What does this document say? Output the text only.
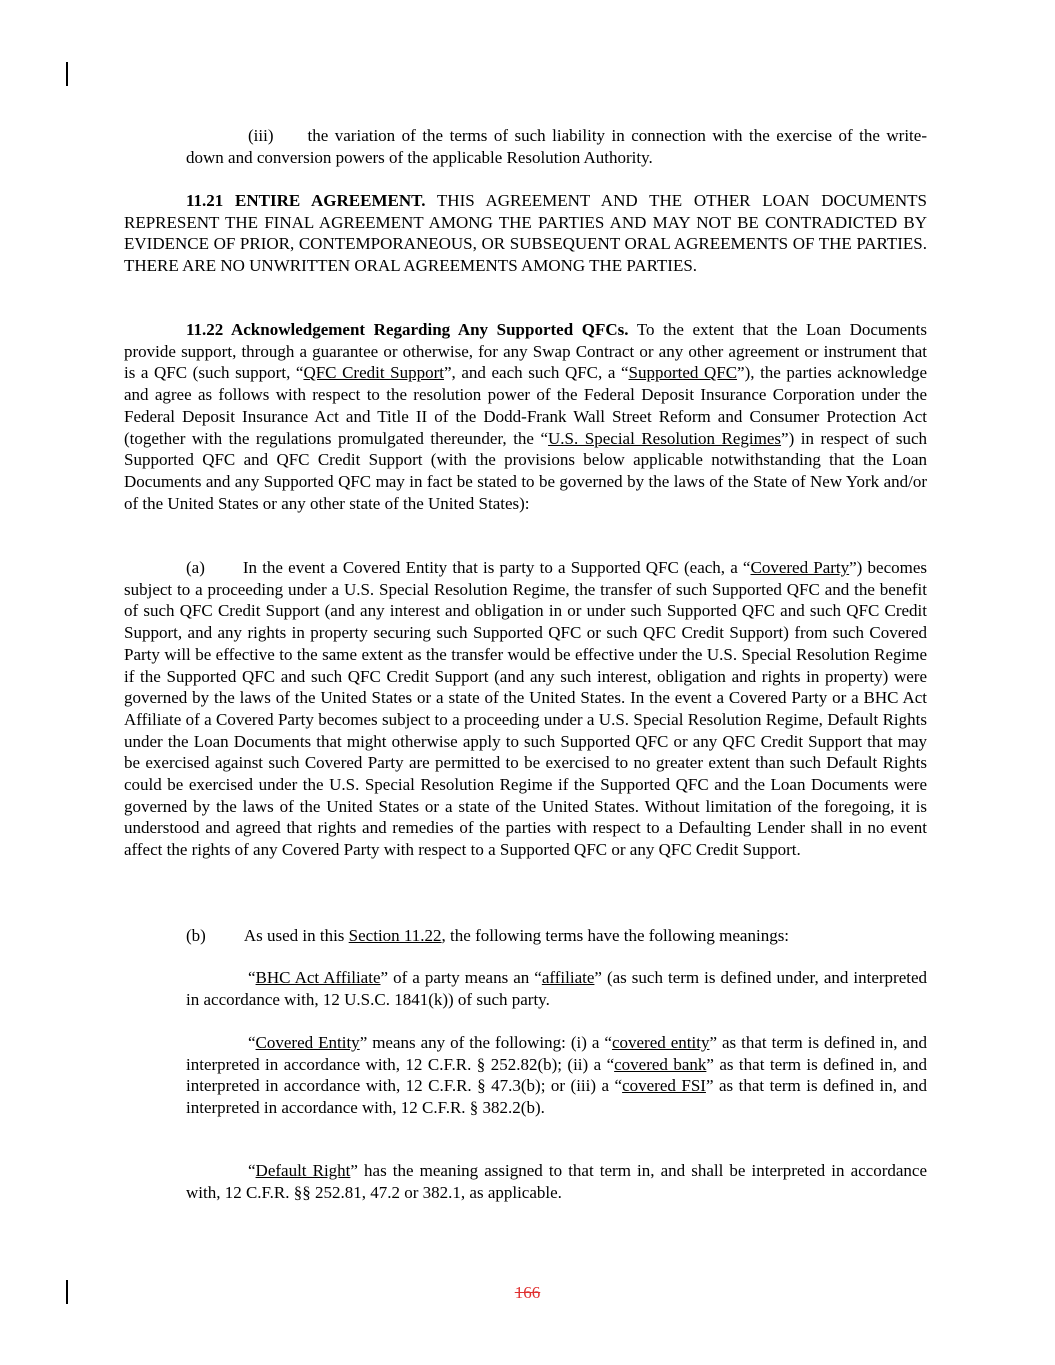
(iii) the variation of the terms of such liability in connection with the exercise of the write-down and conversion powers of the applicable Resolution Authority.
11.21 ENTIRE AGREEMENT. THIS AGREEMENT AND THE OTHER LOAN DOCUMENTS REPRESENT THE FINAL AGREEMENT AMONG THE PARTIES AND MAY NOT BE CONTRADICTED BY EVIDENCE OF PRIOR, CONTEMPORANEOUS, OR SUBSEQUENT ORAL AGREEMENTS OF THE PARTIES. THERE ARE NO UNWRITTEN ORAL AGREEMENTS AMONG THE PARTIES.
11.22 Acknowledgement Regarding Any Supported QFCs. To the extent that the Loan Documents provide support, through a guarantee or otherwise, for any Swap Contract or any other agreement or instrument that is a QFC (such support, “QFC Credit Support”, and each such QFC, a “Supported QFC”), the parties acknowledge and agree as follows with respect to the resolution power of the Federal Deposit Insurance Corporation under the Federal Deposit Insurance Act and Title II of the Dodd-Frank Wall Street Reform and Consumer Protection Act (together with the regulations promulgated thereunder, the “U.S. Special Resolution Regimes”) in respect of such Supported QFC and QFC Credit Support (with the provisions below applicable notwithstanding that the Loan Documents and any Supported QFC may in fact be stated to be governed by the laws of the State of New York and/or of the United States or any other state of the United States):
(a) In the event a Covered Entity that is party to a Supported QFC (each, a “Covered Party”) becomes subject to a proceeding under a U.S. Special Resolution Regime, the transfer of such Supported QFC and the benefit of such QFC Credit Support (and any interest and obligation in or under such Supported QFC and such QFC Credit Support, and any rights in property securing such Supported QFC or such QFC Credit Support) from such Covered Party will be effective to the same extent as the transfer would be effective under the U.S. Special Resolution Regime if the Supported QFC and such QFC Credit Support (and any such interest, obligation and rights in property) were governed by the laws of the United States or a state of the United States. In the event a Covered Party or a BHC Act Affiliate of a Covered Party becomes subject to a proceeding under a U.S. Special Resolution Regime, Default Rights under the Loan Documents that might otherwise apply to such Supported QFC or any QFC Credit Support that may be exercised against such Covered Party are permitted to be exercised to no greater extent than such Default Rights could be exercised under the U.S. Special Resolution Regime if the Supported QFC and the Loan Documents were governed by the laws of the United States or a state of the United States. Without limitation of the foregoing, it is understood and agreed that rights and remedies of the parties with respect to a Defaulting Lender shall in no event affect the rights of any Covered Party with respect to a Supported QFC or any QFC Credit Support.
(b) As used in this Section 11.22, the following terms have the following meanings:
“BHC Act Affiliate” of a party means an “affiliate” (as such term is defined under, and interpreted in accordance with, 12 U.S.C. 1841(k)) of such party.
“Covered Entity” means any of the following: (i) a “covered entity” as that term is defined in, and interpreted in accordance with, 12 C.F.R. § 252.82(b); (ii) a “covered bank” as that term is defined in, and interpreted in accordance with, 12 C.F.R. § 47.3(b); or (iii) a “covered FSI” as that term is defined in, and interpreted in accordance with, 12 C.F.R. § 382.2(b).
“Default Right” has the meaning assigned to that term in, and shall be interpreted in accordance with, 12 C.F.R. §§ 252.81, 47.2 or 382.1, as applicable.
166
